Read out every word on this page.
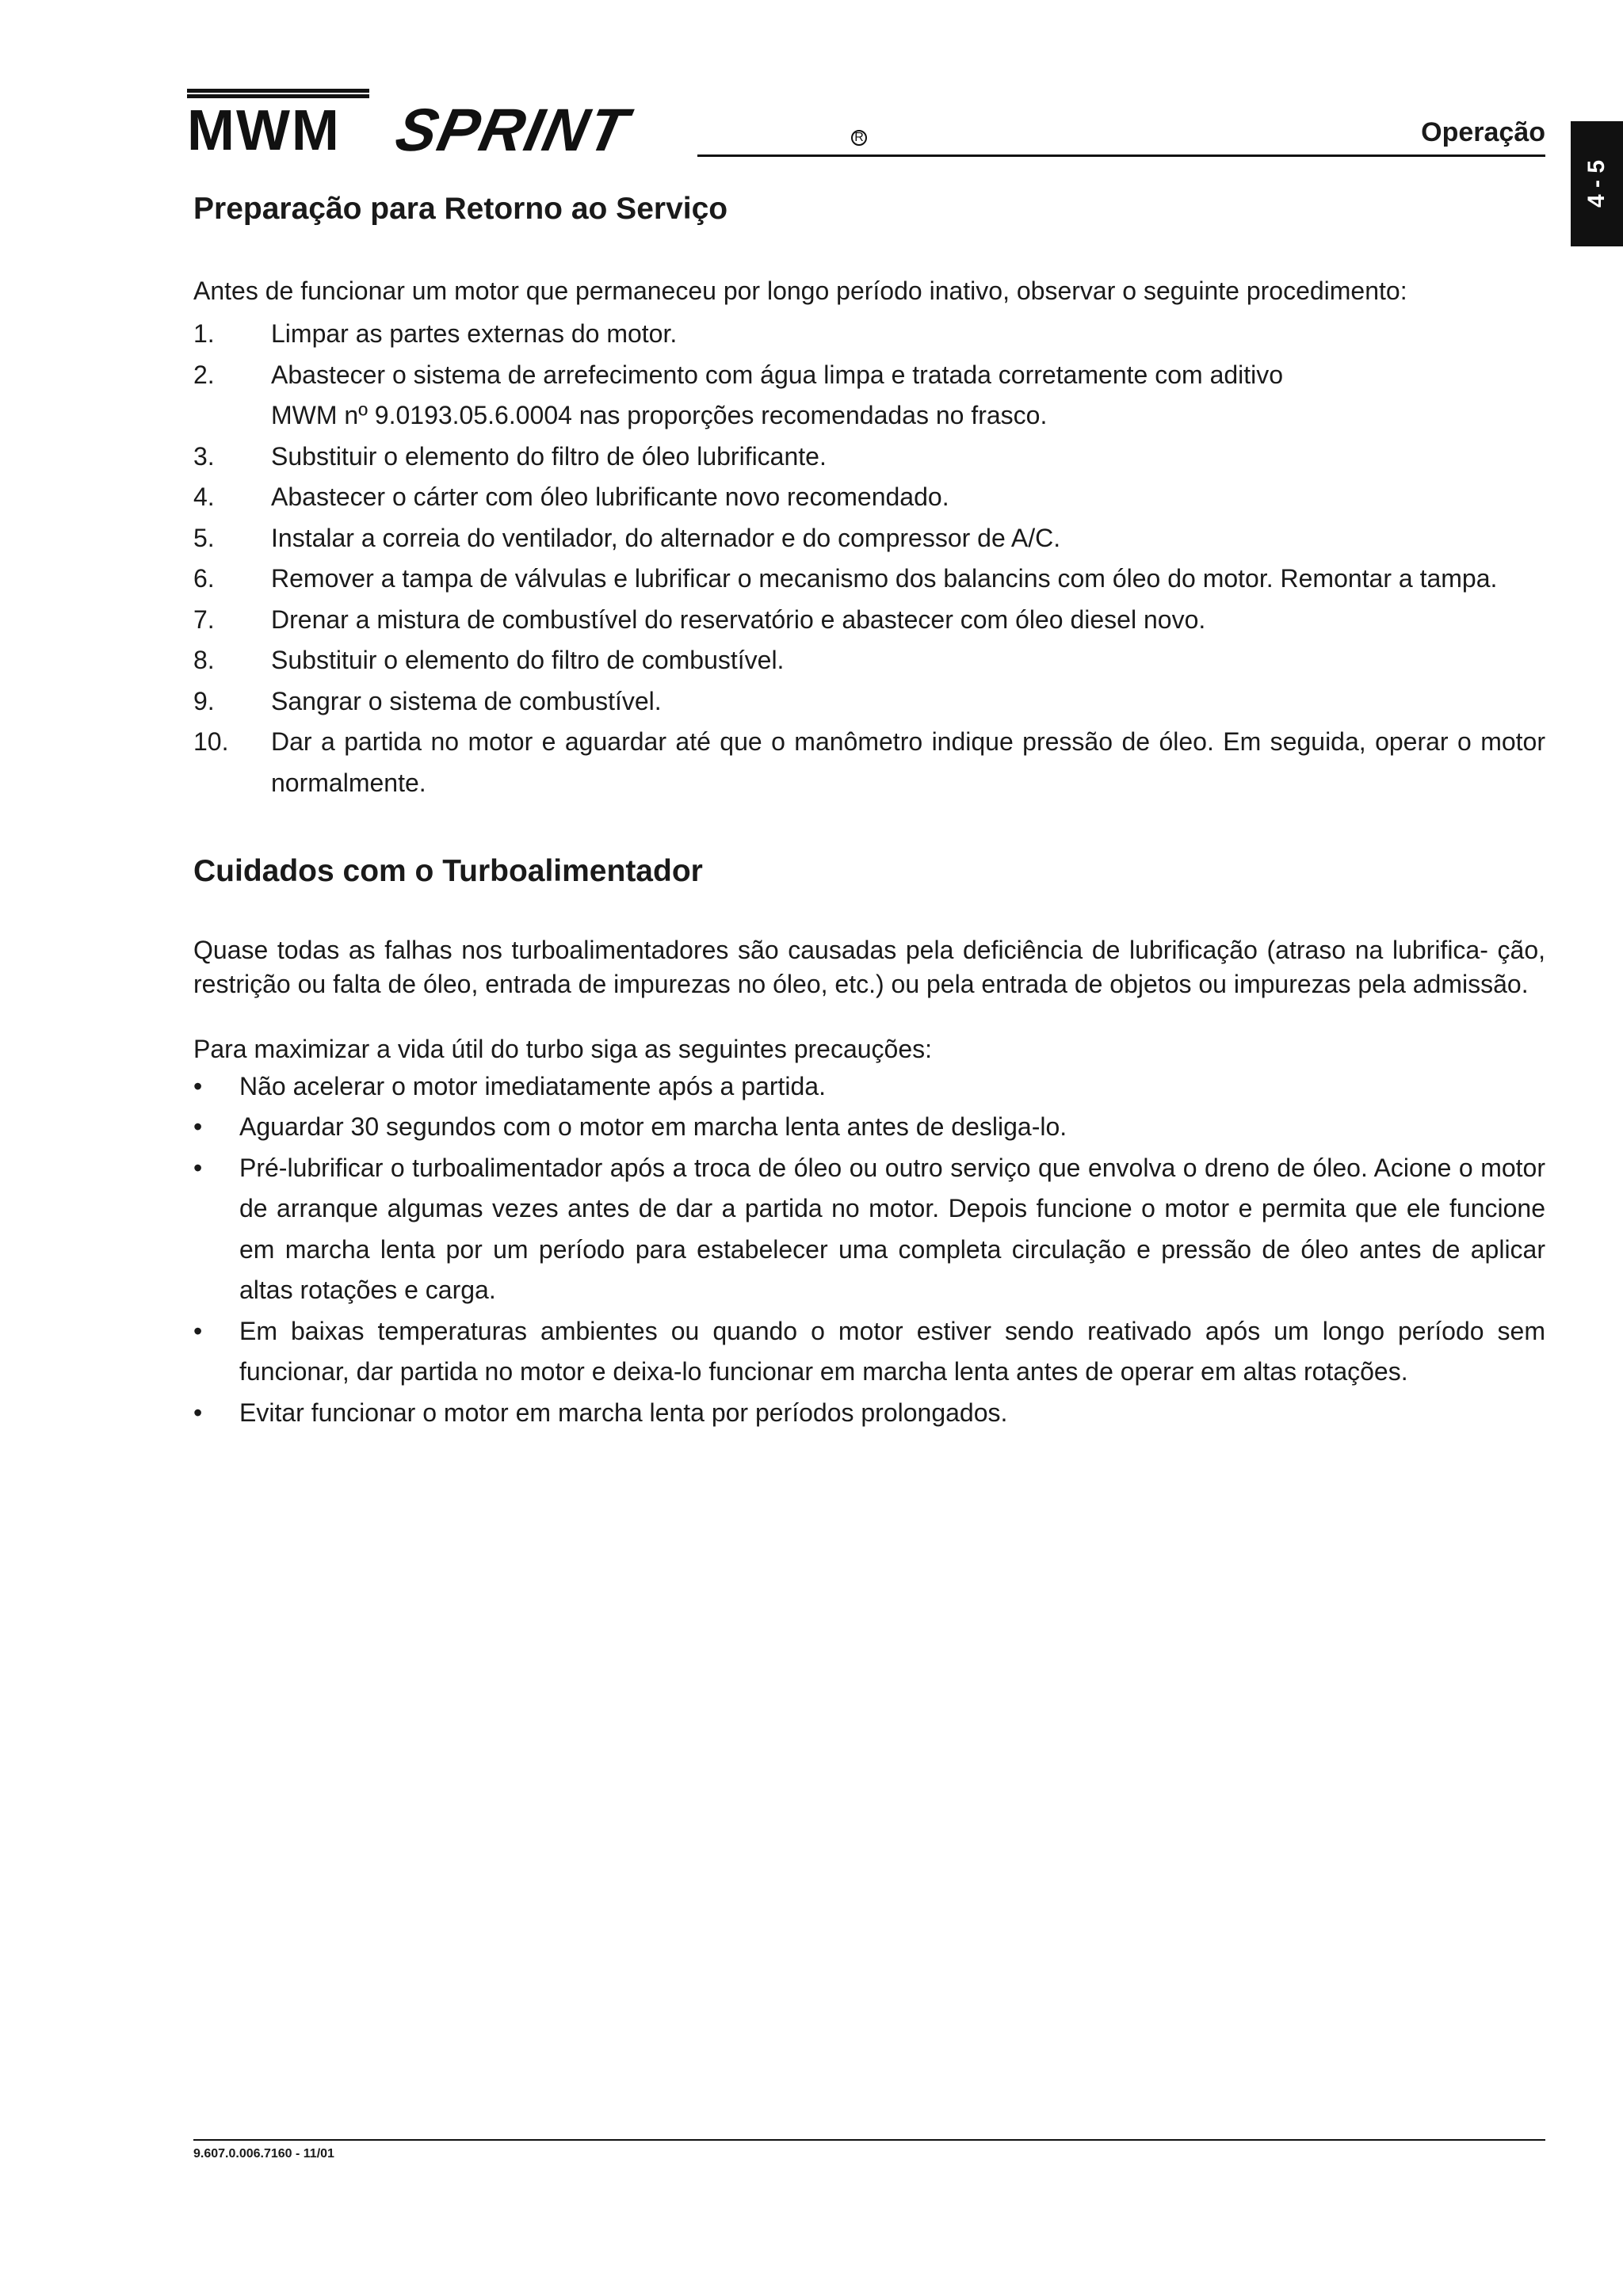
MWM SPRINT	R	Operação
4 - 5
Preparação para Retorno ao Serviço

Antes de funcionar um motor que permaneceu por longo período inativo, observar o seguinte procedimento:

1. Limpar as partes externas do motor.
2. Abastecer o sistema de arrefecimento com água limpa e tratada corretamente com aditivo
MWM nº 9.0193.05.6.0004 nas proporções recomendadas no frasco.
3. Substituir o elemento do filtro de óleo lubrificante.
4. Abastecer o cárter com óleo lubrificante novo recomendado.
5. Instalar a correia do ventilador, do alternador e do compressor de A/C.
6. Remover a tampa de válvulas e lubrificar o mecanismo dos balancins com óleo do motor. Remontar a tampa.
7. Drenar a mistura de combustível do reservatório e abastecer com óleo diesel novo.
8. Substituir o elemento do filtro de combustível.
9. Sangrar o sistema de combustível.
10. Dar a partida no motor e aguardar até que o manômetro indique pressão de óleo. Em seguida, operar o motor normalmente.
Cuidados com o Turboalimentador

Quase todas as falhas nos turboalimentadores são causadas pela deficiência de lubrificação (atraso na lubrifica- ção, restrição ou falta de óleo, entrada de impurezas no óleo, etc.) ou pela entrada de objetos ou impurezas pela admissão.

Para maximizar a vida útil do turbo siga as seguintes precauções:

• Não acelerar o motor imediatamente após a partida.
• Aguardar 30 segundos com o motor em marcha lenta antes de desliga-lo.
• Pré-lubrificar o turboalimentador após a troca de óleo ou outro serviço que envolva o dreno de óleo. Acione o motor de arranque algumas vezes antes de dar a partida no motor. Depois funcione o motor e permita que ele funcione em marcha lenta por um período para estabelecer uma completa circulação e pressão de óleo antes de aplicar altas rotações e carga.
• Em baixas temperaturas ambientes ou quando o motor estiver sendo reativado após um longo período sem funcionar, dar partida no motor e deixa-lo funcionar em marcha lenta antes de operar em altas rotações.
• Evitar funcionar o motor em marcha lenta por períodos prolongados.
9.607.0.006.7160 - 11/01
